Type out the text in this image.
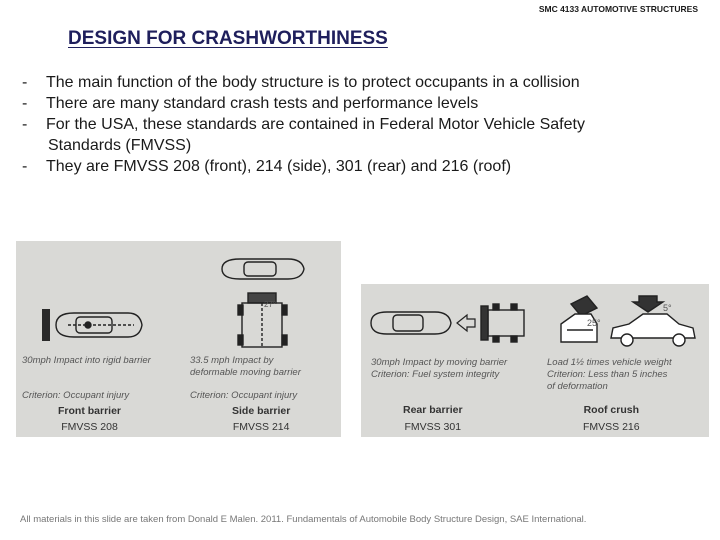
SMC 4133 AUTOMOTIVE STRUCTURES
DESIGN FOR CRASHWORTHINESS
-	The main function of the body structure is to protect occupants in a collision
-	There are many standard crash tests and performance levels
-	For the USA, these standards are contained in Federal Motor Vehicle Safety
Standards (FMVSS)
-	They are FMVSS 208 (front), 214 (side), 301 (rear) and 216 (roof)
27°
30mph Impact into rigid barrier
Criterion: Occupant injury
Front barrier
FMVSS 208
33.5 mph Impact by
deformable moving barrier
Criterion: Occupant injury
Side barrier
FMVSS 214
25°
5°
30mph Impact by moving barrier
Criterion: Fuel system integrity
Rear barrier
FMVSS 301
Load 1½ times vehicle weight
Criterion: Less than 5 inches
of deformation
Roof crush
FMVSS 216
All materials in this slide are taken from Donald E Malen. 2011. Fundamentals of Automobile Body Structure Design, SAE International.
